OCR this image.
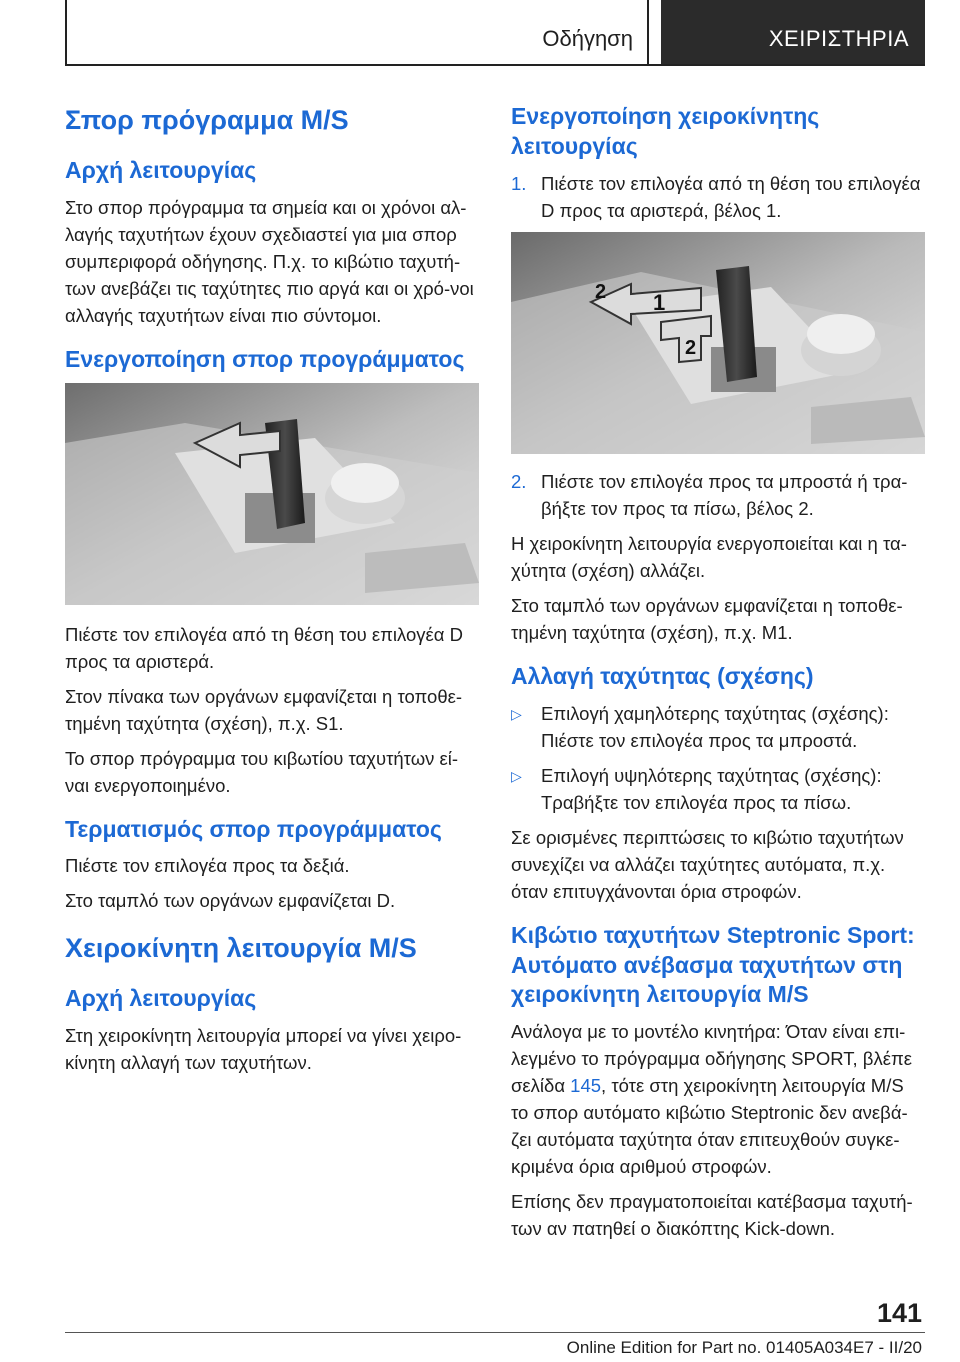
Οδήγηση	ΧΕΙΡΙΣΤΗΡΙΑ
Σπορ πρόγραμμα M/S
Αρχή λειτουργίας

Στο σπορ πρόγραμμα τα σημεία και οι χρόνοι αλ-λαγής ταχυτήτων έχουν σχεδιαστεί για μια σπορ συμπεριφορά οδήγησης. Π.χ. το κιβώτιο ταχυτή-των ανεβάζει τις ταχύτητες πιο αργά και οι χρό-νοι αλλαγής ταχυτήτων είναι πιο σύντομοι.

Ενεργοποίηση σπορ προγράμματος

Πιέστε τον επιλογέα από τη θέση του επιλογέα D προς τα αριστερά.

Στον πίνακα των οργάνων εμφανίζεται η τοποθε-τημένη ταχύτητα (σχέση), π.χ. S1.

Το σπορ πρόγραμμα του κιβωτίου ταχυτήτων εί-ναι ενεργοποιημένο.

Τερματισμός σπορ προγράμματος

Πιέστε τον επιλογέα προς τα δεξιά.

Στο ταμπλό των οργάνων εμφανίζεται D.

Χειροκίνητη λειτουργία M/S
Αρχή λειτουργίας

Στη χειροκίνητη λειτουργία μπορεί να γίνει χειρο-κίνητη αλλαγή των ταχυτήτων.

Ενεργοποίηση χειροκίνητης λειτουργίας
1. Πιέστε τον επιλογέα από τη θέση του επιλογέα D προς τα αριστερά, βέλος 1.
1
2
2
2. Πιέστε τον επιλογέα προς τα μπροστά ή τρα-βήξτε τον προς τα πίσω, βέλος 2.

Η χειροκίνητη λειτουργία ενεργοποιείται και η τα-χύτητα (σχέση) αλλάζει.

Στο ταμπλό των οργάνων εμφανίζεται η τοποθε-τημένη ταχύτητα (σχέση), π.χ. M1.

Αλλαγή ταχύτητας (σχέσης)
▷	Επιλογή χαμηλότερης ταχύτητας (σχέσης): Πιέστε τον επιλογέα προς τα μπροστά.
▷	Επιλογή υψηλότερης ταχύτητας (σχέσης): Τραβήξτε τον επιλογέα προς τα πίσω.

Σε ορισμένες περιπτώσεις το κιβώτιο ταχυτήτων συνεχίζει να αλλάζει ταχύτητες αυτόματα, π.χ. όταν επιτυγχάνονται όρια στροφών.

Κιβώτιο ταχυτήτων Steptronic Sport: Αυτόματο ανέβασμα ταχυτήτων στη χειροκίνητη λειτουργία M/S

Ανάλογα με το μοντέλο κινητήρα: Όταν είναι επι-λεγμένο το πρόγραμμα οδήγησης SPORT, βλέπε σελίδα 145, τότε στη χειροκίνητη λειτουργία M/S το σπορ αυτόματο κιβώτιο Steptronic δεν ανεβά-ζει αυτόματα ταχύτητα όταν επιτευχθούν συγκε-κριμένα όρια αριθμού στροφών.

Επίσης δεν πραγματοποιείται κατέβασμα ταχυτή-των αν πατηθεί ο διακόπτης Kick-down.

141
Online Edition for Part no. 01405A034E7 - II/20
